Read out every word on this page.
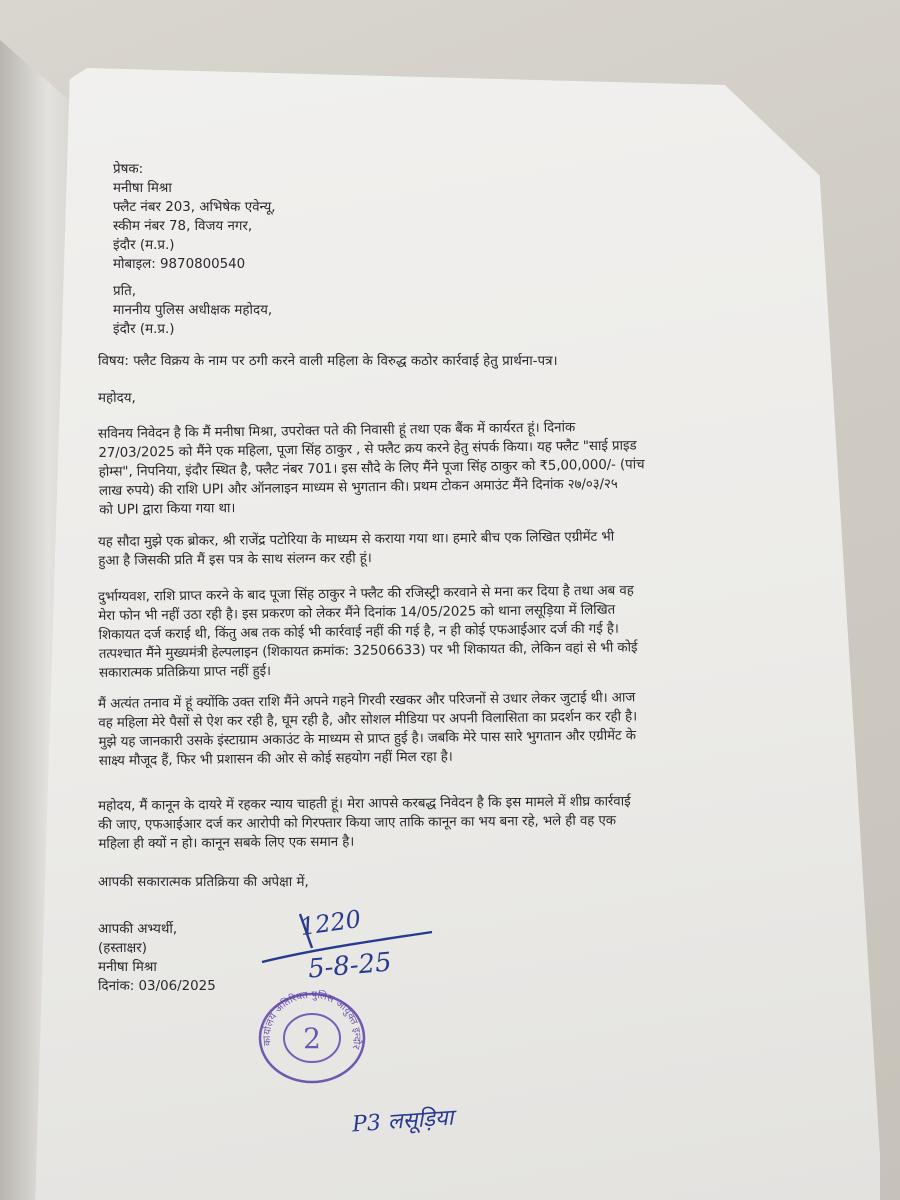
प्रेषक:
मनीषा मिश्रा
फ्लैट नंबर 203, अभिषेक एवेन्यू,
स्कीम नंबर 78, विजय नगर,
इंदौर (म.प्र.)
मोबाइल: 9870800540
प्रति,
माननीय पुलिस अधीक्षक महोदय,
इंदौर (म.प्र.)
विषय: फ्लैट विक्रय के नाम पर ठगी करने वाली महिला के विरुद्ध कठोर कार्रवाई हेतु प्रार्थना-पत्र।
महोदय,
सविनय निवेदन है कि मैं मनीषा मिश्रा, उपरोक्त पते की निवासी हूं तथा एक बैंक में कार्यरत हूं। दिनांक
27/03/2025 को मैंने एक महिला, पूजा सिंह ठाकुर , से फ्लैट क्रय करने हेतु संपर्क किया। यह फ्लैट "साई प्राइड
होम्स", निपनिया, इंदौर स्थित है, फ्लैट नंबर 701। इस सौदे के लिए मैंने पूजा सिंह ठाकुर को ₹5,00,000/- (पांच
लाख रुपये) की राशि UPI और ऑनलाइन माध्यम से भुगतान की। प्रथम टोकन अमाउंट मैंने दिनांक २७/०३/२५
को UPI द्वारा किया गया था।
यह सौदा मुझे एक ब्रोकर, श्री राजेंद्र पटोरिया के माध्यम से कराया गया था। हमारे बीच एक लिखित एग्रीमेंट भी
हुआ है जिसकी प्रति मैं इस पत्र के साथ संलग्न कर रही हूं।
दुर्भाग्यवश, राशि प्राप्त करने के बाद पूजा सिंह ठाकुर ने फ्लैट की रजिस्ट्री करवाने से मना कर दिया है तथा अब वह
मेरा फोन भी नहीं उठा रही है। इस प्रकरण को लेकर मैंने दिनांक 14/05/2025 को थाना लसूड़िया में लिखित
शिकायत दर्ज कराई थी, किंतु अब तक कोई भी कार्रवाई नहीं की गई है, न ही कोई एफआईआर दर्ज की गई है।
तत्पश्चात मैंने मुख्यमंत्री हेल्पलाइन (शिकायत क्रमांक: 32506633) पर भी शिकायत की, लेकिन वहां से भी कोई
सकारात्मक प्रतिक्रिया प्राप्त नहीं हुई।
मैं अत्यंत तनाव में हूं क्योंकि उक्त राशि मैंने अपने गहने गिरवी रखकर और परिजनों से उधार लेकर जुटाई थी। आज
वह महिला मेरे पैसों से ऐश कर रही है, घूम रही है, और सोशल मीडिया पर अपनी विलासिता का प्रदर्शन कर रही है।
मुझे यह जानकारी उसके इंस्टाग्राम अकाउंट के माध्यम से प्राप्त हुई है। जबकि मेरे पास सारे भुगतान और एग्रीमेंट के
साक्ष्य मौजूद हैं, फिर भी प्रशासन की ओर से कोई सहयोग नहीं मिल रहा है।
महोदय, मैं कानून के दायरे में रहकर न्याय चाहती हूं। मेरा आपसे करबद्ध निवेदन है कि इस मामले में शीघ्र कार्रवाई
की जाए, एफआईआर दर्ज कर आरोपी को गिरफ्तार किया जाए ताकि कानून का भय बना रहे, भले ही वह एक
महिला ही क्यों न हो। कानून सबके लिए एक समान है।
आपकी सकारात्मक प्रतिक्रिया की अपेक्षा में,
आपकी अभ्यर्थी,
(हस्ताक्षर)
मनीषा मिश्रा
दिनांक: 03/06/2025
1220
5-8-25
P3 लसूड़िया
कार्यालय अतिरिक्त पुलिस आयुक्त इन्दौर
2
